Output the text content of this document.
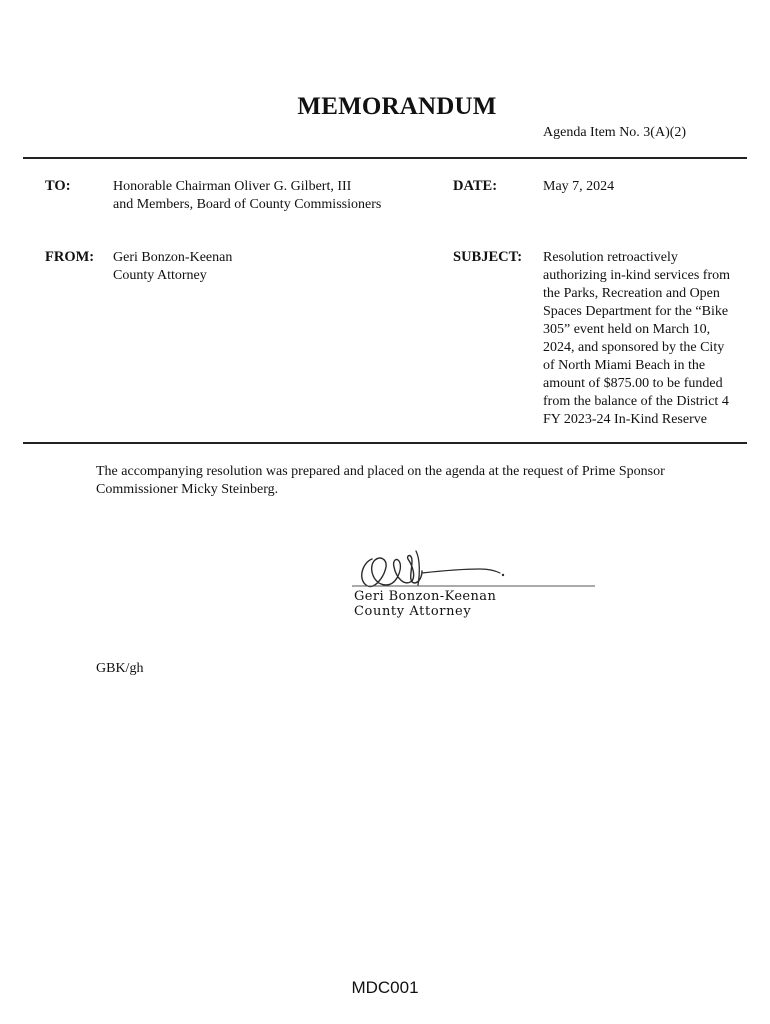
MEMORANDUM
Agenda Item No. 3(A)(2)
TO:	Honorable Chairman Oliver G. Gilbert, III
and Members, Board of County Commissioners
DATE:	May 7, 2024
FROM: Geri Bonzon-Keenan
County Attorney
SUBJECT: Resolution retroactively
authorizing in-kind services from
the Parks, Recreation and Open
Spaces Department for the “Bike
305” event held on March 10,
2024, and sponsored by the City
of North Miami Beach in the
amount of $875.00 to be funded
from the balance of the District 4
FY 2023-24 In-Kind Reserve
The accompanying resolution was prepared and placed on the agenda at the request of Prime Sponsor
Commissioner Micky Steinberg.
Geri Bonzon-Keenan
County Attorney
GBK/gh
MDC001
